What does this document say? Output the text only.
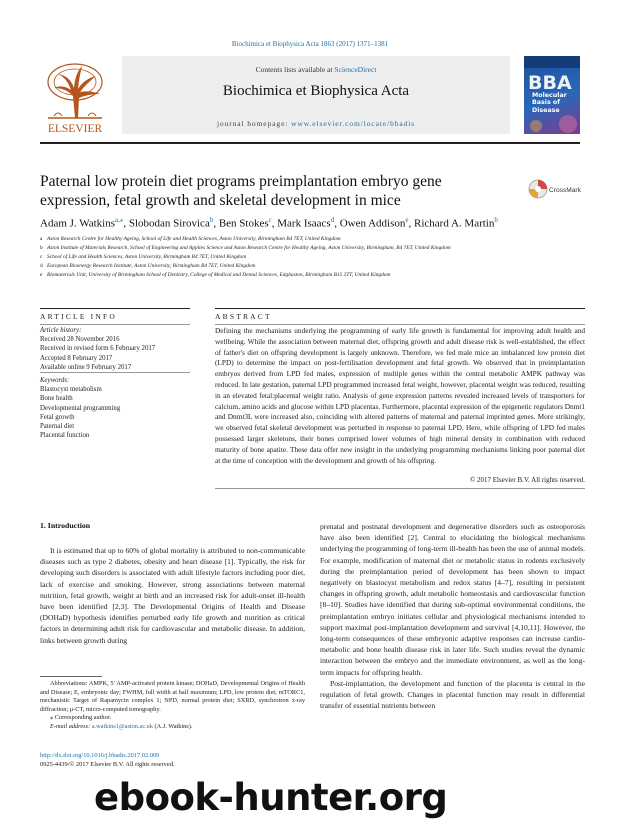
Biochimica et Biophysica Acta 1863 (2017) 1371–1381
ELSEVIER
Contents lists available at ScienceDirect
Biochimica et Biophysica Acta
journal homepage: www.elsevier.com/locate/bbadis
BBA
Molecular Basis of Disease
Paternal low protein diet programs preimplantation embryo gene expression, fetal growth and skeletal development in mice
CrossMark
Adam J. Watkins$^{a,⁎}$, Slobodan Sirovica$^b$, Ben Stokes$^c$, Mark Isaacs$^d$, Owen Addison$^e$, Richard A. Martin$^b$
a Aston Research Centre for Healthy Ageing, School of Life and Health Sciences, Aston University, Birmingham B4 7ET, United Kingdom
b Aston Institute of Materials Research, School of Engineering and Applies Science and Aston Research Centre for Healthy Ageing, Aston University, Birmingham, B4 7ET, United Kingdom
c School of Life and Health Sciences, Aston University, Birmingham B4 7ET, United Kingdom
d European Bioenergy Research Institute, Aston University, Birmingham B4 7ET, United Kingdom
e Biomaterials Unit, University of Birmingham School of Dentistry, College of Medical and Dental Sciences, Edgbaston, Birmingham B15 2TT, United Kingdom
ARTICLE INFO
Article history:
Received 28 November 2016
Received in revised form 6 February 2017
Accepted 8 February 2017
Available online 9 February 2017
Keywords:
Blastocyst metabolism
Bone health
Developmental programming
Fetal growth
Paternal diet
Placental function
ABSTRACT
Defining the mechanisms underlying the programming of early life growth is fundamental for improving adult health and wellbeing. While the association between maternal diet, offspring growth and adult disease risk is well-established, the effect of father's diet on offspring development is largely unknown. Therefore, we fed male mice an imbalanced low protein diet (LPD) to determine the impact on post-fertilisation development and fetal growth. We observed that in preimplantation embryos derived from LPD fed males, expression of multiple genes within the central metabolic AMPK pathway was reduced. In late gestation, paternal LPD programmed increased fetal weight, however, placental weight was reduced, resulting in an elevated fetal:placental weight ratio. Analysis of gene expression patterns revealed increased levels of transporters for calcium, amino acids and glucose within LPD placentas. Furthermore, placental expression of the epigenetic regulators Dnmt1 and Dnmt3L were increased also, coinciding with altered patterns of maternal and paternal imprinted genes. More strikingly, we observed fetal skeletal development was perturbed in response to paternal LPD. Here, while offspring of LPD fed males possessed larger skeletons, their bones comprised lower volumes of high mineral density in combination with reduced maturity of bone apatite. These data offer new insight in the underlying programming mechanisms linking poor paternal diet at the time of conception with the development and growth of his offspring.
© 2017 Elsevier B.V. All rights reserved.
1. Introduction

It is estimated that up to 60% of global mortality is attributed to non-communicable diseases such as type 2 diabetes, obesity and heart disease [1]. Typically, the risk for developing such disorders is associated with adult lifestyle factors including poor diet, lack of exercise and smoking. However, strong associations between maternal nutrition, fetal growth, weight at birth and an increased risk for adult-onset ill-health have been identified [2,3]. The Developmental Origins of Health and Disease (DOHaD) hypothesis identifies perturbed early life growth and nutrition as critical factors in determining adult risk for cardiovascular and metabolic disease. In addition, links between growth during

prenatal and postnatal development and degenerative disorders such as osteoporosis have also been identified [2]. Central to elucidating the biological mechanisms underlying the programming of long-term ill-health has been the use of animal models. For example, modification of maternal diet or metabolic status in rodents exclusively during the preimplantation period of development has been shown to impact negatively on blastocyst metabolism and redox status [4–7], resulting in persistent changes in offspring growth, adult metabolic homeostasis and cardiovascular function [8–10]. Studies have identified that during sub-optimal environmental conditions, the preimplantation embryo initiates cellular and physiological mechanisms intended to support maximal post-implantation development and survival [4,10,11]. However, the long-term consequences of these embryonic adaptive responses can increase cardio-metabolic and bone health disease risk in later life. Such studies reveal the dynamic interaction between the embryo and the immediate environment, as well as the long-term impacts for offspring health.

Post-implantation, the development and function of the placenta is central in the regulation of fetal growth. Changes in placental function may result in differential transfer of essential nutrients between

Abbreviations: AMPK, 5′ AMP-activated protein kinase; DOHaD, Developmental Origins of Health and Disease; E, embryonic day; FWHM, full width at half maximum; LPD, low protein diet; mTORC1, mechanistic Target of Rapamycin complex 1; NPD, normal protein diet; SXRD, synchrotron x-ray diffraction; μ-CT, micro-computed tomography.
⁎ Corresponding author.
E-mail address: a.watkins1@aston.ac.uk (A.J. Watkins).
http://dx.doi.org/10.1016/j.bbadis.2017.02.009
0925-4439/© 2017 Elsevier B.V. All rights reserved.
ebook-hunter.org
